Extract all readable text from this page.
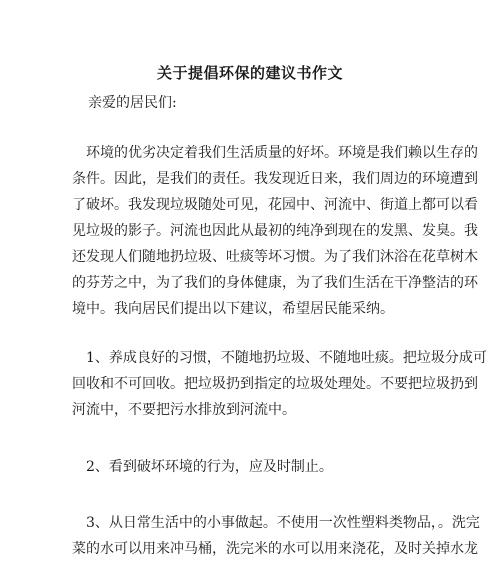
关于提倡环保的建议书作文
亲爱的居民们:
环境的优劣决定着我们生活质量的好坏。环境是我们赖以生存的
条件。因此，是我们的责任。我发现近日来，我们周边的环境遭到
了破坏。我发现垃圾随处可见，花园中、河流中、街道上都可以看
见垃圾的影子。河流也因此从最初的纯净到现在的发黑、发臭。我
还发现人们随地扔垃圾、吐痰等坏习惯。为了我们沐浴在花草树木
的芬芳之中，为了我们的身体健康，为了我们生活在干净整洁的环
境中。我向居民们提出以下建议，希望居民能采纳。
1、养成良好的习惯，不随地扔垃圾、不随地吐痰。把垃圾分成可
回收和不可回收。把垃圾扔到指定的垃圾处理处。不要把垃圾扔到
河流中，不要把污水排放到河流中。
2、看到破坏环境的行为，应及时制止。
3、从日常生活中的小事做起。不使用一次性塑料类物品，。洗完
菜的水可以用来冲马桶，洗完米的水可以用来浇花，及时关掉水龙
